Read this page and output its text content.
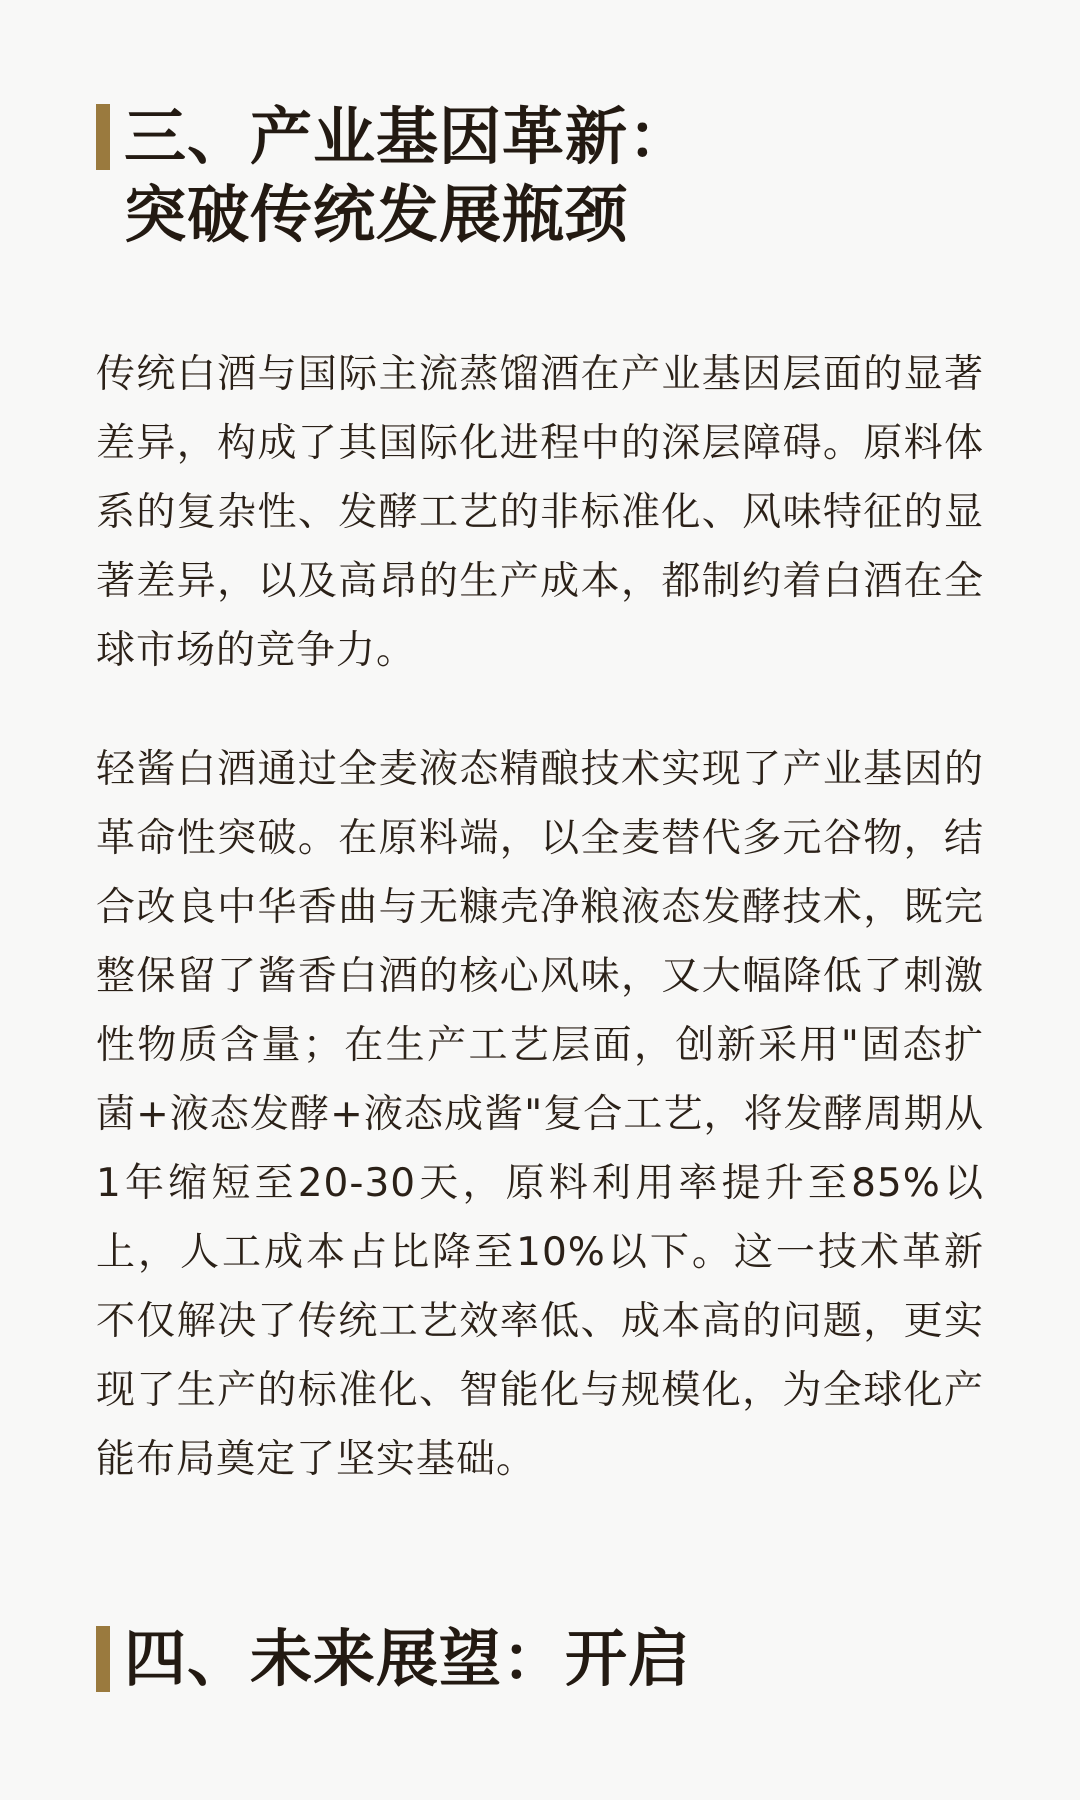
三、产业基因革新：
突破传统发展瓶颈

传统白酒与国际主流蒸馏酒在产业基因层面的显著差异，构成了其国际化进程中的深层障碍。原料体系的复杂性、发酵工艺的非标准化、风味特征的显著差异，以及高昂的生产成本，都制约着白酒在全球市场的竞争力。

轻酱白酒通过全麦液态精酿技术实现了产业基因的革命性突破。在原料端，以全麦替代多元谷物，结合改良中华香曲与无糠壳净粮液态发酵技术，既完整保留了酱香白酒的核心风味，又大幅降低了刺激性物质含量；在生产工艺层面，创新采用"固态扩菌+液态发酵+液态成酱"复合工艺，将发酵周期从1年缩短至20-30天，原料利用率提升至85%以上，人工成本占比降至10%以下。这一技术革新不仅解决了传统工艺效率低、成本高的问题，更实现了生产的标准化、智能化与规模化，为全球化产能布局奠定了坚实基础。

四、未来展望：开启
